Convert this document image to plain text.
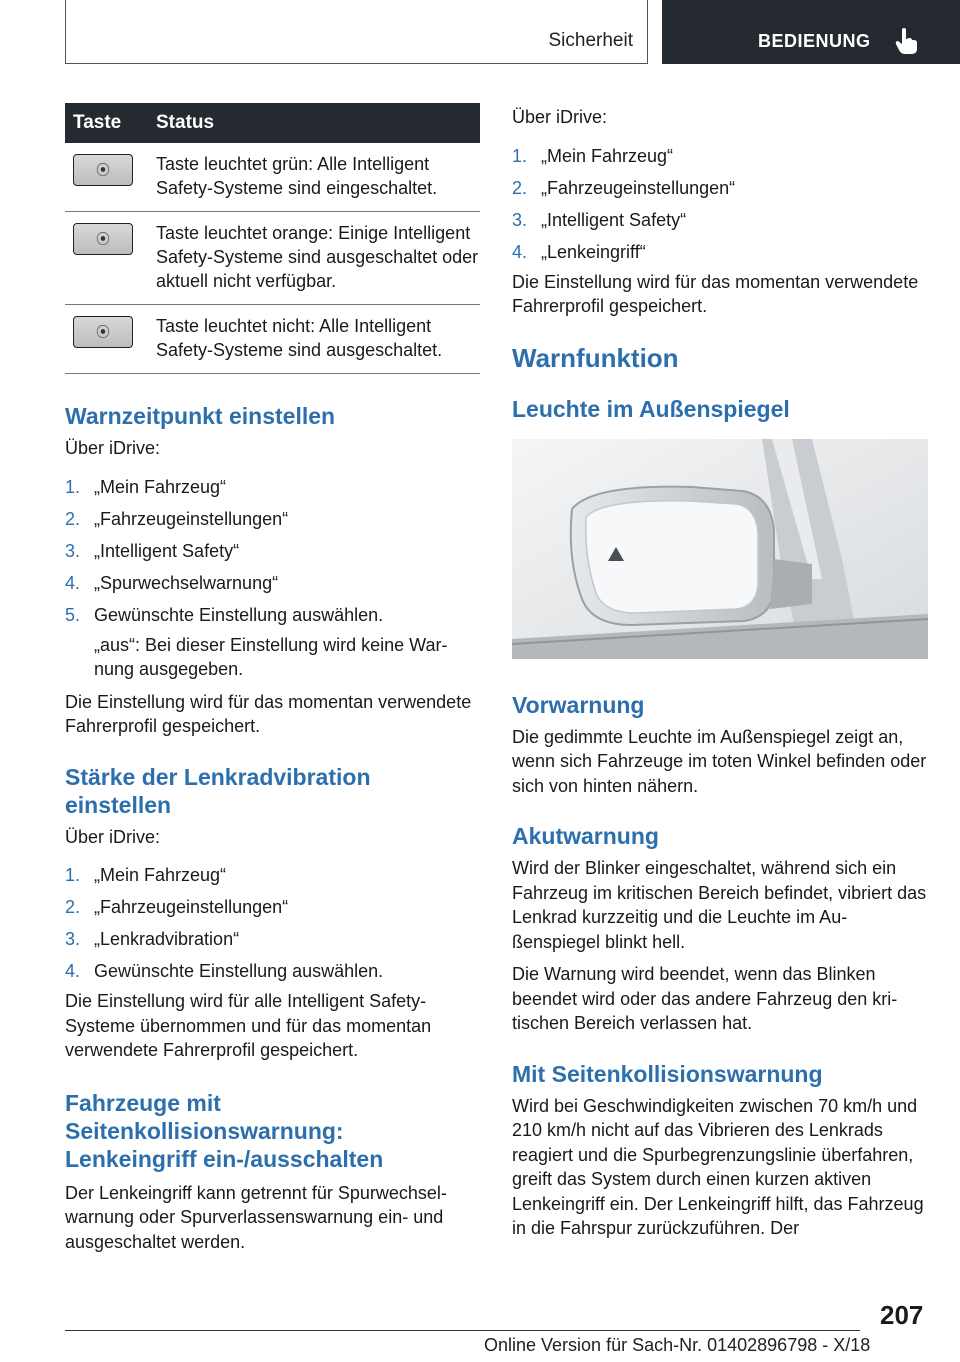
Sicherheit	BEDIENUNG
Taste	Status

⦿	Taste leuchtet grün: Alle Intelligent Safety-Systeme sind eingeschaltet.

⦿	Taste leuchtet orange: Einige Intelligent Safety-Systeme sind ausgeschaltet oder aktuell nicht verfügbar.

⦿	Taste leuchtet nicht: Alle Intelligent Safety-Systeme sind ausgeschaltet.
Warnzeitpunkt einstellen

Über iDrive:

1. „Mein Fahrzeug“
2. „Fahrzeugeinstellungen“
3. „Intelligent Safety“
4. „Spurwechselwarnung“
5. Gewünschte Einstellung auswählen.

„aus“: Bei dieser Einstellung wird keine Warnung ausgegeben.

Die Einstellung wird für das momentan verwendete Fahrerprofil gespeichert.

Stärke der Lenkradvibration einstellen

Über iDrive:

1. „Mein Fahrzeug“
2. „Fahrzeugeinstellungen“
3. „Lenkradvibration“
4. Gewünschte Einstellung auswählen.

Die Einstellung wird für alle Intelligent Safety-Systeme übernommen und für das momentan verwendete Fahrerprofil gespeichert.

Fahrzeuge mit Seitenkollisionswarnung: Lenkeingriff ein-/ausschalten

Der Lenkeingriff kann getrennt für Spurwechselwarnung oder Spurverlassenswarnung ein- und ausgeschaltet werden.

Über iDrive:

1. „Mein Fahrzeug“
2. „Fahrzeugeinstellungen“
3. „Intelligent Safety“
4. „Lenkeingriff“

Die Einstellung wird für das momentan verwendete Fahrerprofil gespeichert.

Warnfunktion
Leuchte im Außenspiegel
Vorwarnung

Die gedimmte Leuchte im Außenspiegel zeigt an, wenn sich Fahrzeuge im toten Winkel befinden oder sich von hinten nähern.

Akutwarnung

Wird der Blinker eingeschaltet, während sich ein Fahrzeug im kritischen Bereich befindet, vibriert das Lenkrad kurzzeitig und die Leuchte im Außenspiegel blinkt hell.

Die Warnung wird beendet, wenn das Blinken beendet wird oder das andere Fahrzeug den kritischen Bereich verlassen hat.

Mit Seitenkollisionswarnung

Wird bei Geschwindigkeiten zwischen 70 km/h und 210 km/h nicht auf das Vibrieren des Lenkrads reagiert und die Spurbegrenzungslinie überfahren, greift das System durch einen kurzen aktiven Lenkeingriff ein. Der Lenkeingriff hilft, das Fahrzeug in die Fahrspur zurückzuführen. Der

207
Online Version für Sach-Nr. 01402896798 - X/18
